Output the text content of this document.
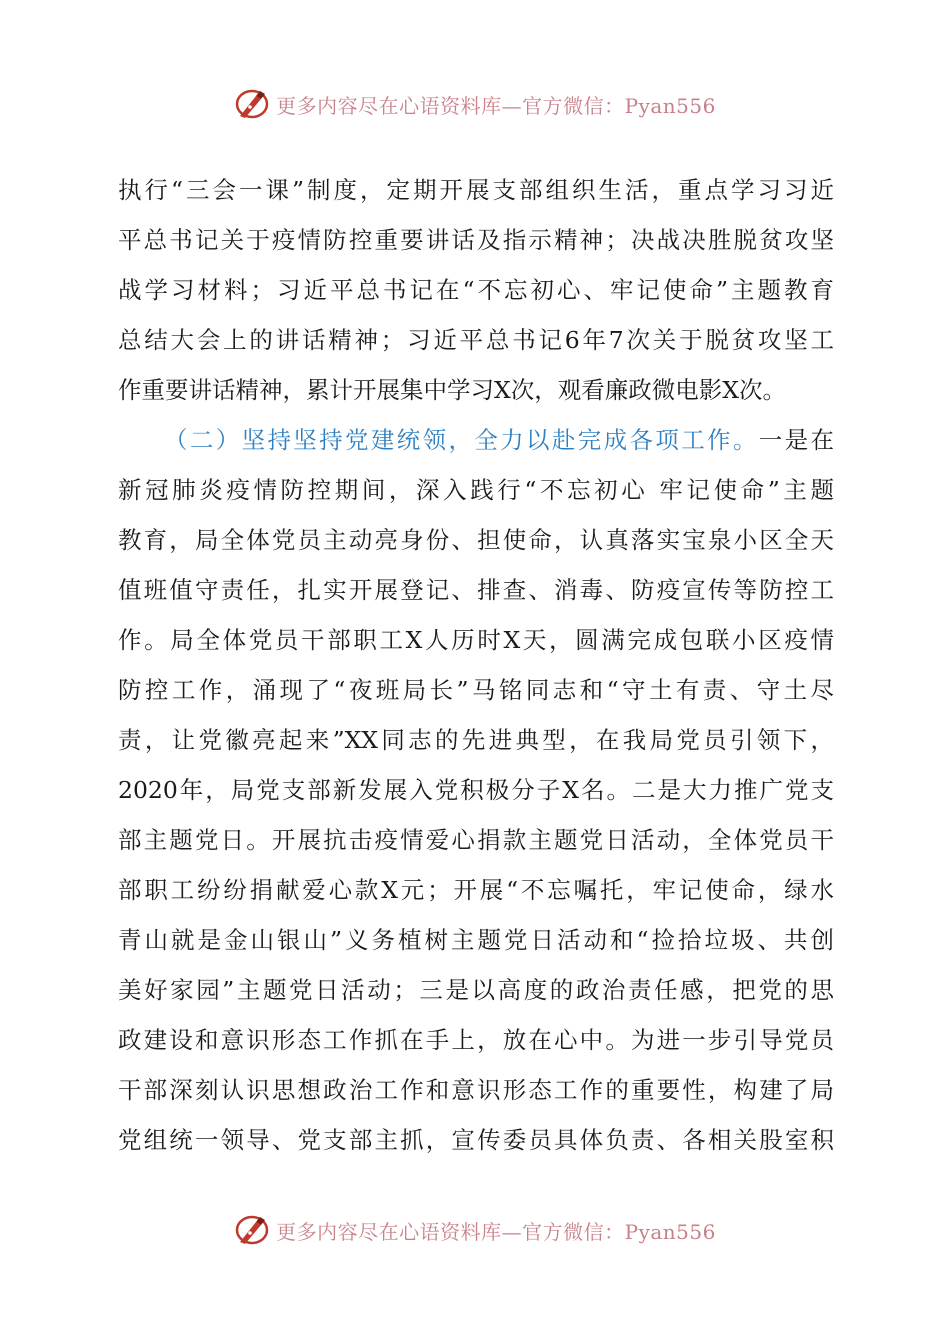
更多内容尽在心语资料库—官方微信：Pyan556
执行“三会一课”制度，定期开展支部组织生活，重点学习习近
平总书记关于疫情防控重要讲话及指示精神；决战决胜脱贫攻坚
战学习材料；习近平总书记在“不忘初心、牢记使命”主题教育
总结大会上的讲话精神；习近平总书记6年7次关于脱贫攻坚工
作重要讲话精神，累计开展集中学习X次，观看廉政微电影X次。
（二）坚持坚持党建统领，全力以赴完成各项工作。一是在
新冠肺炎疫情防控期间，深入践行“不忘初心 牢记使命”主题
教育，局全体党员主动亮身份、担使命，认真落实宝泉小区全天
值班值守责任，扎实开展登记、排查、消毒、防疫宣传等防控工
作。局全体党员干部职工X人历时X天，圆满完成包联小区疫情
防控工作，涌现了“夜班局长”马铭同志和“守土有责、守土尽
责，让党徽亮起来”XX同志的先进典型，在我局党员引领下，
2020年，局党支部新发展入党积极分子X名。二是大力推广党支
部主题党日。开展抗击疫情爱心捐款主题党日活动，全体党员干
部职工纷纷捐献爱心款X元；开展“不忘嘱托，牢记使命，绿水
青山就是金山银山”义务植树主题党日活动和“捡拾垃圾、共创
美好家园”主题党日活动；三是以高度的政治责任感，把党的思
政建设和意识形态工作抓在手上，放在心中。为进一步引导党员
干部深刻认识思想政治工作和意识形态工作的重要性，构建了局
党组统一领导、党支部主抓，宣传委员具体负责、各相关股室积
更多内容尽在心语资料库—官方微信：Pyan556
